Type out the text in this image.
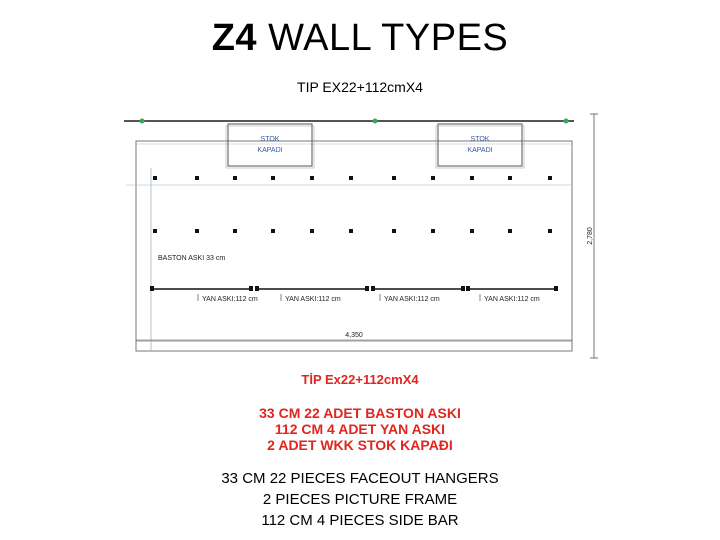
Z4 WALL TYPES
TIP EX22+112cmX4
STOK
KAPADI
STOK
KAPADI
BASTON ASKI 33 cm
YAN ASKI:112 cm	YAN ASKI:112 cm	YAN ASKI:112 cm	YAN ASKI:112 cm
4,350
2,780
TİP Ex22+112cmX4
33 CM 22 ADET BASTON ASKI
112 CM 4 ADET YAN ASKI
2 ADET WKK STOK KAPAĐI
33 CM 22 PIECES FACEOUT HANGERS
2 PIECES PICTURE FRAME
112 CM 4 PIECES SIDE BAR
